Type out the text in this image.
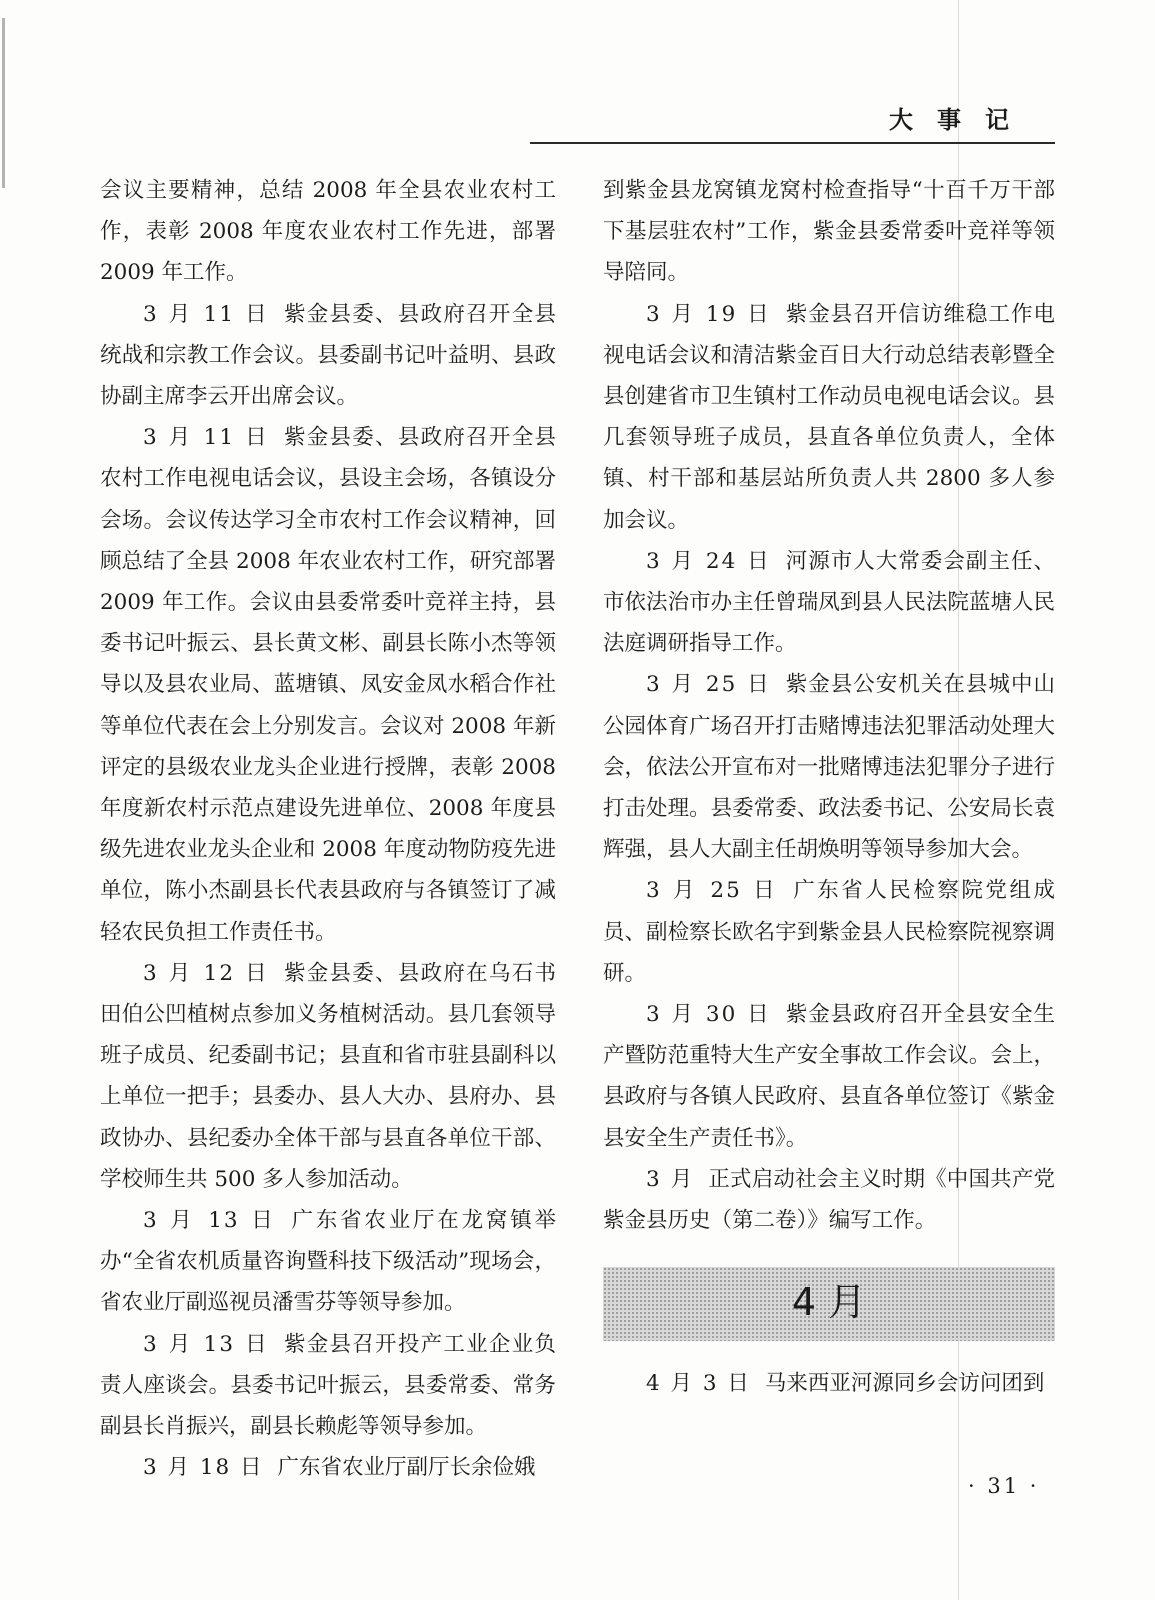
大事记

会议主要精神，总结 2008 年全县农业农村工作，表彰 2008 年度农业农村工作先进，部署 2009 年工作。

3 月 11 日 紫金县委、县政府召开全县统战和宗教工作会议。县委副书记叶益明、县政协副主席李云开出席会议。

3 月 11 日 紫金县委、县政府召开全县农村工作电视电话会议，县设主会场，各镇设分会场。会议传达学习全市农村工作会议精神，回顾总结了全县 2008 年农业农村工作，研究部署 2009 年工作。会议由县委常委叶竞祥主持，县委书记叶振云、县长黄文彬、副县长陈小杰等领导以及县农业局、蓝塘镇、凤安金凤水稻合作社等单位代表在会上分别发言。会议对 2008 年新评定的县级农业龙头企业进行授牌，表彰 2008 年度新农村示范点建设先进单位、2008 年度县级先进农业龙头企业和 2008 年度动物防疫先进单位，陈小杰副县长代表县政府与各镇签订了减轻农民负担工作责任书。

3 月 12 日 紫金县委、县政府在乌石书田伯公凹植树点参加义务植树活动。县几套领导班子成员、纪委副书记；县直和省市驻县副科以上单位一把手；县委办、县人大办、县府办、县政协办、县纪委办全体干部与县直各单位干部、学校师生共 500 多人参加活动。

3 月 13 日 广东省农业厅在龙窝镇举办“全省农机质量咨询暨科技下级活动”现场会，省农业厅副巡视员潘雪芬等领导参加。

3 月 13 日 紫金县召开投产工业企业负责人座谈会。县委书记叶振云，县委常委、常务副县长肖振兴，副县长赖彪等领导参加。

3 月 18 日 广东省农业厅副厅长余俭娥

到紫金县龙窝镇龙窝村检查指导“十百千万干部下基层驻农村”工作，紫金县委常委叶竞祥等领导陪同。

3 月 19 日 紫金县召开信访维稳工作电视电话会议和清洁紫金百日大行动总结表彰暨全县创建省市卫生镇村工作动员电视电话会议。县几套领导班子成员，县直各单位负责人，全体镇、村干部和基层站所负责人共 2800 多人参加会议。

3 月 24 日 河源市人大常委会副主任、市依法治市办主任曾瑞凤到县人民法院蓝塘人民法庭调研指导工作。

3 月 25 日 紫金县公安机关在县城中山公园体育广场召开打击赌博违法犯罪活动处理大会，依法公开宣布对一批赌博违法犯罪分子进行打击处理。县委常委、政法委书记、公安局长袁辉强，县人大副主任胡焕明等领导参加大会。

3 月 25 日 广东省人民检察院党组成员、副检察长欧名宇到紫金县人民检察院视察调研。

3 月 30 日 紫金县政府召开全县安全生产暨防范重特大生产安全事故工作会议。会上，县政府与各镇人民政府、县直各单位签订《紫金县安全生产责任书》。

3 月 正式启动社会主义时期《中国共产党紫金县历史（第二卷）》编写工作。

4 月

4 月 3 日 马来西亚河源同乡会访问团到

· 31 ·
